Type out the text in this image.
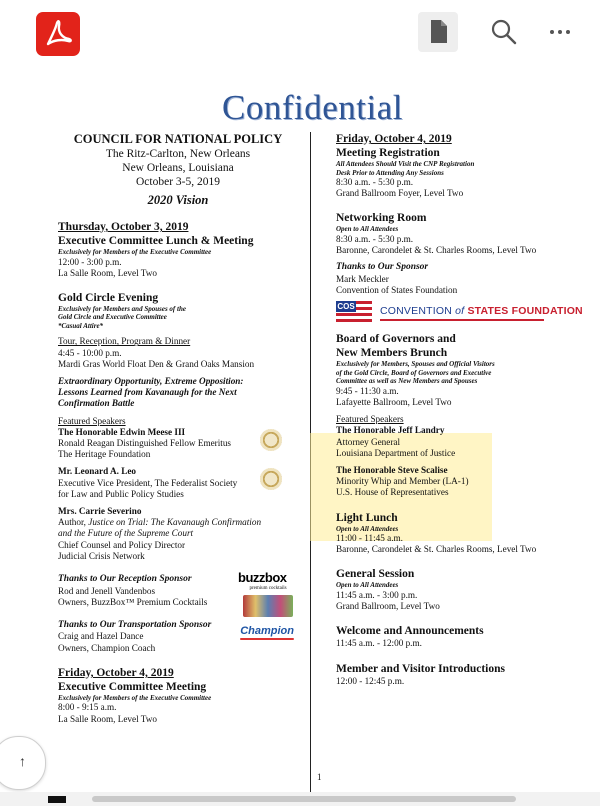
Confidential
COUNCIL FOR NATIONAL POLICY
The Ritz-Carlton, New Orleans
New Orleans, Louisiana
October 3-5, 2019
2020 Vision
Thursday, October 3, 2019
Executive Committee Lunch & Meeting
Exclusively for Members of the Executive Committee
12:00 - 3:00 p.m.
La Salle Room, Level Two
Gold Circle Evening
Exclusively for Members and Spouses of the
Gold Circle and Executive Committee
*Casual Attire*
Tour, Reception, Program & Dinner
4:45 - 10:00 p.m.
Mardi Gras World Float Den & Grand Oaks Mansion
Extraordinary Opportunity, Extreme Opposition:
Lessons Learned from Kavanaugh for the Next
Confirmation Battle
Featured Speakers
The Honorable Edwin Meese III
Ronald Reagan Distinguished Fellow Emeritus
The Heritage Foundation
Mr. Leonard A. Leo
Executive Vice President, The Federalist Society
for Law and Public Policy Studies
Mrs. Carrie Severino
Author, Justice on Trial: The Kavanaugh Confirmation
and the Future of the Supreme Court
Chief Counsel and Policy Director
Judicial Crisis Network
Thanks to Our Reception Sponsor
Rod and Jenell Vandenbos
Owners, BuzzBox™ Premium Cocktails
buzzbox
premium cocktails
Thanks to Our Transportation Sponsor
Craig and Hazel Dance
Owners, Champion Coach
Champion
Friday, October 4, 2019
Executive Committee Meeting
Exclusively for Members of the Executive Committee
8:00 - 9:15 a.m.
La Salle Room, Level Two
Friday, October 4, 2019
Meeting Registration
All Attendees Should Visit the CNP Registration
Desk Prior to Attending Any Sessions
8:30 a.m. - 5:30 p.m.
Grand Ballroom Foyer, Level Two
Networking Room
Open to All Attendees
8:30 a.m. - 5:30 p.m.
Baronne, Carondelet & St. Charles Rooms, Level Two
Thanks to Our Sponsor
Mark Meckler
Convention of States Foundation
COS CONVENTION of STATES FOUNDATION
Board of Governors and
New Members Brunch
Exclusively for Members, Spouses and Official Visitors
of the Gold Circle, Board of Governors and Executive
Committee as well as New Members and Spouses
9:45 - 11:30 a.m.
Lafayette Ballroom, Level Two
Featured Speakers
The Honorable Jeff Landry
Attorney General
Louisiana Department of Justice
The Honorable Steve Scalise
Minority Whip and Member (LA-1)
U.S. House of Representatives
Light Lunch
Open to All Attendees
11:00 - 11:45 a.m.
Baronne, Carondelet & St. Charles Rooms, Level Two
General Session
Open to All Attendees
11:45 a.m. - 3:00 p.m.
Grand Ballroom, Level Two
Welcome and Announcements
11:45 a.m. - 12:00 p.m.
Member and Visitor Introductions
12:00 - 12:45 p.m.
1
↑
